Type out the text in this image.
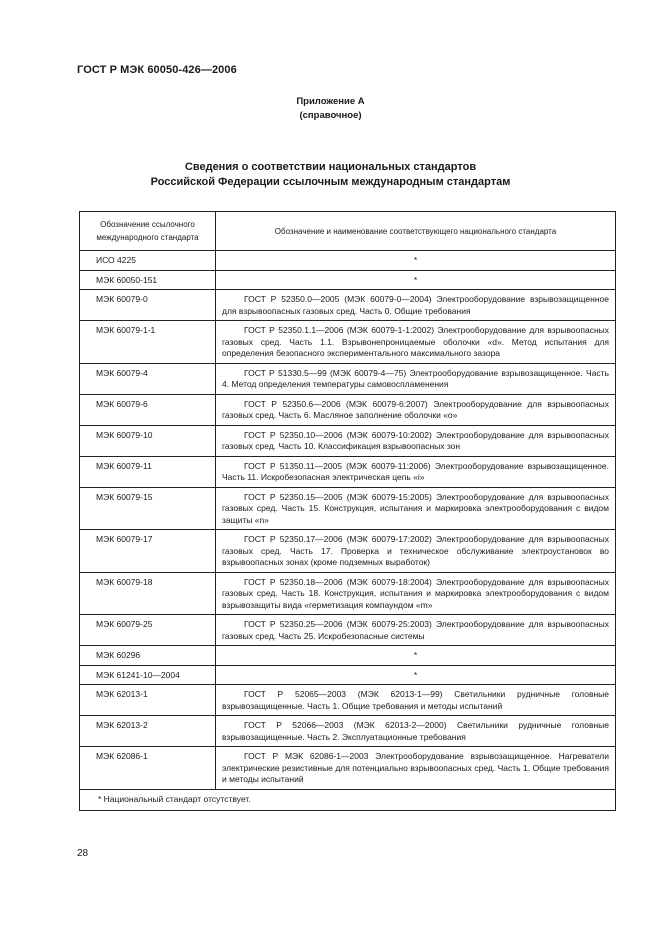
ГОСТ Р МЭК 60050-426—2006
Приложение А
(справочное)
Сведения о соответствии национальных стандартов
Российской Федерации ссылочным международным стандартам
Обозначение ссылочного международного стандарта	Обозначение и наименование соответствующего национального стандарта
ИСО 4225	*
МЭК 60050-151	*
МЭК 60079-0	ГОСТ Р 52350.0—2005 (МЭК 60079-0—2004) Электрооборудование взрывозащищенное для взрывоопасных газовых сред. Часть 0. Общие требования
МЭК 60079-1-1	ГОСТ Р 52350.1.1—2006 (МЭК 60079-1-1:2002) Электрооборудование для взрывоопасных газовых сред. Часть 1.1. Взрывонепроницаемые оболочки «d». Метод испытания для определения безопасного экспериментального максимального зазора
МЭК 60079-4	ГОСТ Р 51330.5—99 (МЭК 60079-4—75) Электрооборудование взрывозащищенное. Часть 4. Метод определения температуры самовоспламенения
МЭК 60079-6	ГОСТ Р 52350.6—2006 (МЭК 60079-6:2007) Электрооборудование для взрывоопасных газовых сред. Часть 6. Масляное заполнение оболочки «о»
МЭК 60079-10	ГОСТ Р 52350.10—2006 (МЭК 60079-10:2002) Электрооборудование для взрывоопасных газовых сред. Часть 10. Классификация взрывоопасных зон
МЭК 60079-11	ГОСТ Р 51350.11—2005 (МЭК 60079-11:2006) Электрооборудование взрывозащищенное. Часть 11. Искробезопасная электрическая цепь «i»
МЭК 60079-15	ГОСТ Р 52350.15—2005 (МЭК 60079-15:2005) Электрооборудование для взрывоопасных газовых сред. Часть 15. Конструкция, испытания и маркировка электрооборудования с видом защиты «n»
МЭК 60079-17	ГОСТ Р 52350.17—2006 (МЭК 60079-17:2002) Электрооборудование для взрывоопасных газовых сред. Часть 17. Проверка и техническое обслуживание электроустановок во взрывоопасных зонах (кроме подземных выработок)
МЭК 60079-18	ГОСТ Р 52350.18—2006 (МЭК 60079-18:2004) Электрооборудование для взрывоопасных газовых сред. Часть 18. Конструкция, испытания и маркировка электрооборудования с видом взрывозащиты вида «герметизация компаундом «m»
МЭК 60079-25	ГОСТ Р 52350.25—2006 (МЭК 60079-25:2003) Электрооборудование для взрывоопасных газовых сред. Часть 25. Искробезопасные системы
МЭК 60296	*
МЭК 61241-10—2004	*
МЭК 62013-1	ГОСТ Р 52065—2003 (МЭК 62013-1—99) Светильники рудничные головные взрывозащищенные. Часть 1. Общие требования и методы испытаний
МЭК 62013-2	ГОСТ Р 52066—2003 (МЭК 62013-2—2000) Светильники рудничные головные взрывозащищенные. Часть 2. Эксплуатационные требования
МЭК 62086-1	ГОСТ Р МЭК 62086-1—2003 Электрооборудование взрывозащищенное. Нагреватели электрические резистивные для потенциально взрывоопасных сред. Часть 1. Общие требования и методы испытаний
* Национальный стандарт отсутствует.	
28
